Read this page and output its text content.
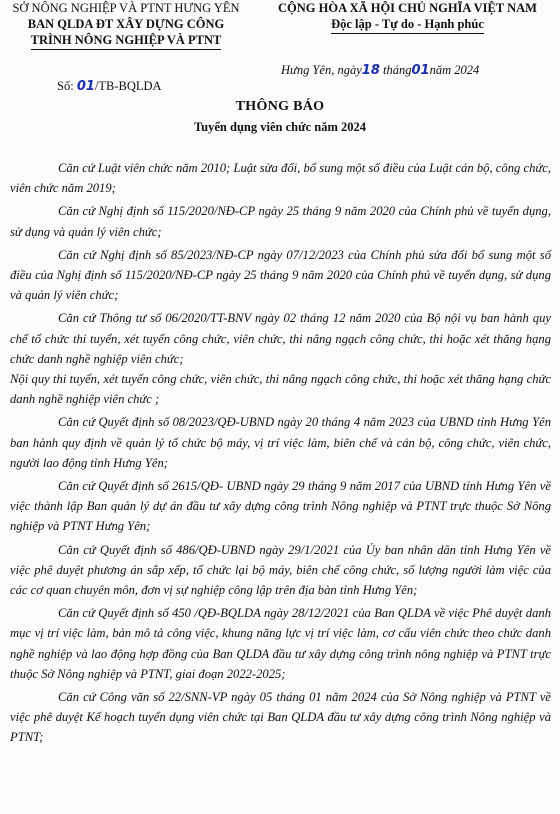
SỞ NÔNG NGHIỆP VÀ PTNT HƯNG YÊN
BAN QLDA ĐT XÂY DỰNG CÔNG
TRÌNH NÔNG NGHIỆP VÀ PTNT
Số: 01/TB-BQLDA
CỘNG HÒA XÃ HỘI CHỦ NGHĨA VIỆT NAM
Độc lập - Tự do - Hạnh phúc
Hưng Yên, ngày18 tháng01năm 2024
THÔNG BÁO
Tuyển dụng viên chức năm 2024

Căn cứ Luật viên chức năm 2010; Luật sửa đổi, bổ sung một số điều của Luật cán bộ, công chức, viên chức năm 2019;

Căn cứ Nghị định số 115/2020/NĐ-CP ngày 25 tháng 9 năm 2020 của Chính phủ về tuyển dụng, sử dụng và quản lý viên chức;

Căn cứ Nghị định số 85/2023/NĐ-CP ngày 07/12/2023 của Chính phủ sửa đổi bổ sung một số điều của Nghị định số 115/2020/NĐ-CP ngày 25 tháng 9 năm 2020 của Chính phủ về tuyển dụng, sử dụng và quản lý viên chức;

Căn cứ Thông tư số 06/2020/TT-BNV ngày 02 tháng 12 năm 2020 của Bộ nội vụ ban hành quy chế tổ chức thi tuyển, xét tuyển công chức, viên chức, thi nâng ngạch công chức, thi hoặc xét thăng hạng chức danh nghề nghiệp viên chức;

Nội quy thi tuyển, xét tuyển công chức, viên chức, thi nâng ngạch công chức, thi hoặc xét thăng hạng chức danh nghề nghiệp viên chức ;

Căn cứ Quyết định số 08/2023/QĐ-UBND ngày 20 tháng 4 năm 2023 của UBND tỉnh Hưng Yên ban hành quy định về quản lý tổ chức bộ máy, vị trí việc làm, biên chế và cán bộ, công chức, viên chức, người lao động tỉnh Hưng Yên;

Căn cứ Quyết định số 2615/QĐ- UBND ngày 29 tháng 9 năm 2017 của UBND tỉnh Hưng Yên về việc thành lập Ban quản lý dự án đầu tư xây dựng công trình Nông nghiệp và PTNT trực thuộc Sở Nông nghiệp và PTNT Hưng Yên;

Căn cứ Quyết định số 486/QĐ-UBND ngày 29/1/2021 của Ủy ban nhân dân tỉnh Hưng Yên về việc phê duyệt phương án sắp xếp, tổ chức lại bộ máy, biên chế công chức, số lượng người làm việc của các cơ quan chuyên môn, đơn vị sự nghiệp công lập trên địa bàn tỉnh Hưng Yên;

Căn cứ Quyết định số 450 /QĐ-BQLDA ngày 28/12/2021 của Ban QLDA về việc Phê duyệt danh mục vị trí việc làm, bản mô tả công việc, khung năng lực vị trí việc làm, cơ cấu viên chức theo chức danh nghề nghiệp và lao động hợp đồng của Ban QLDA đầu tư xây dựng công trình nông nghiệp và PTNT trực thuộc Sở Nông nghiệp và PTNT, giai đoạn 2022-2025;

Căn cứ Công văn số 22/SNN-VP ngày 05 tháng 01 năm 2024 của Sở Nông nghiệp và PTNT về việc phê duyệt Kế hoạch tuyển dụng viên chức tại Ban QLDA đầu tư xây dựng công trình Nông nghiệp và PTNT;
